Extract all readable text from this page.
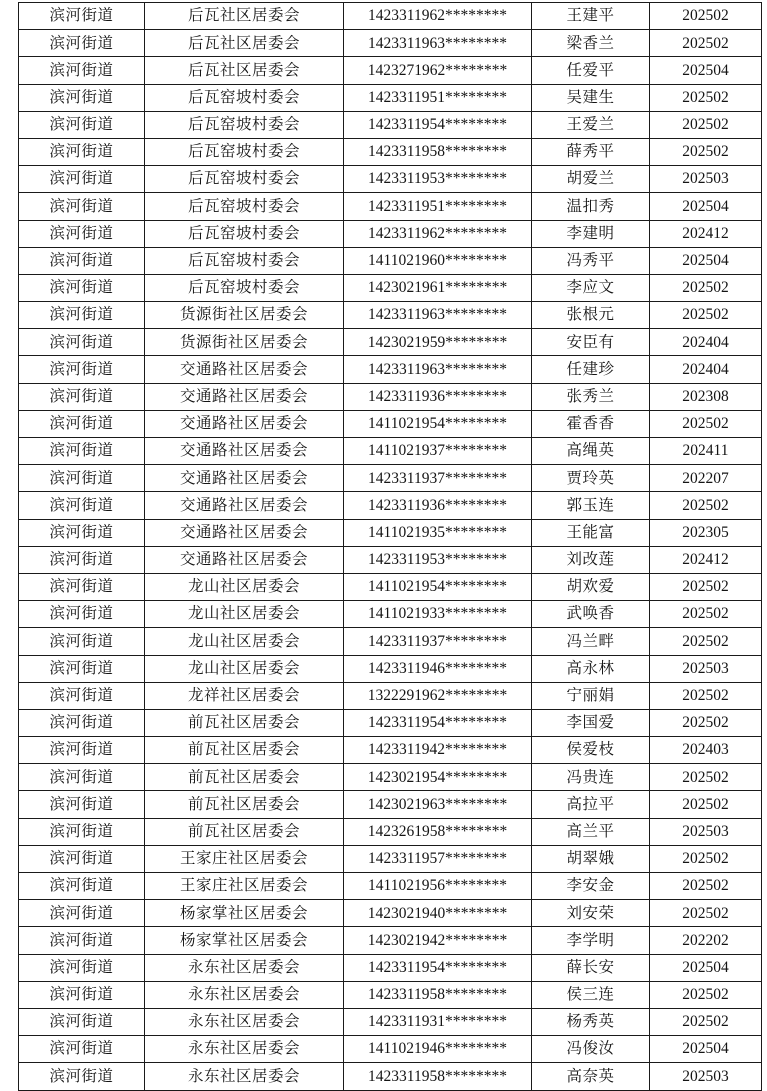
滨河街道	后瓦社区居委会	1423311962********	王建平	202502
滨河街道	后瓦社区居委会	1423311963********	梁香兰	202502
滨河街道	后瓦社区居委会	1423271962********	任爱平	202504
滨河街道	后瓦窑坡村委会	1423311951********	吴建生	202502
滨河街道	后瓦窑坡村委会	1423311954********	王爱兰	202502
滨河街道	后瓦窑坡村委会	1423311958********	薛秀平	202502
滨河街道	后瓦窑坡村委会	1423311953********	胡爱兰	202503
滨河街道	后瓦窑坡村委会	1423311951********	温扣秀	202504
滨河街道	后瓦窑坡村委会	1423311962********	李建明	202412
滨河街道	后瓦窑坡村委会	1411021960********	冯秀平	202504
滨河街道	后瓦窑坡村委会	1423021961********	李应文	202502
滨河街道	货源街社区居委会	1423311963********	张根元	202502
滨河街道	货源街社区居委会	1423021959********	安臣有	202404
滨河街道	交通路社区居委会	1423311963********	任建珍	202404
滨河街道	交通路社区居委会	1423311936********	张秀兰	202308
滨河街道	交通路社区居委会	1411021954********	霍香香	202502
滨河街道	交通路社区居委会	1411021937********	高绳英	202411
滨河街道	交通路社区居委会	1423311937********	贾玲英	202207
滨河街道	交通路社区居委会	1423311936********	郭玉连	202502
滨河街道	交通路社区居委会	1411021935********	王能富	202305
滨河街道	交通路社区居委会	1423311953********	刘改莲	202412
滨河街道	龙山社区居委会	1411021954********	胡欢爱	202502
滨河街道	龙山社区居委会	1411021933********	武唤香	202502
滨河街道	龙山社区居委会	1423311937********	冯兰畔	202502
滨河街道	龙山社区居委会	1423311946********	高永林	202503
滨河街道	龙祥社区居委会	1322291962********	宁丽娟	202502
滨河街道	前瓦社区居委会	1423311954********	李国爱	202502
滨河街道	前瓦社区居委会	1423311942********	侯爱枝	202403
滨河街道	前瓦社区居委会	1423021954********	冯贵连	202502
滨河街道	前瓦社区居委会	1423021963********	高拉平	202502
滨河街道	前瓦社区居委会	1423261958********	高兰平	202503
滨河街道	王家庄社区居委会	1423311957********	胡翠娥	202502
滨河街道	王家庄社区居委会	1411021956********	李安金	202502
滨河街道	杨家掌社区居委会	1423021940********	刘安荣	202502
滨河街道	杨家掌社区居委会	1423021942********	李学明	202202
滨河街道	永东社区居委会	1423311954********	薛长安	202504
滨河街道	永东社区居委会	1423311958********	侯三连	202502
滨河街道	永东社区居委会	1423311931********	杨秀英	202502
滨河街道	永东社区居委会	1411021946********	冯俊汝	202504
滨河街道	永东社区居委会	1423311958********	高奈英	202503
